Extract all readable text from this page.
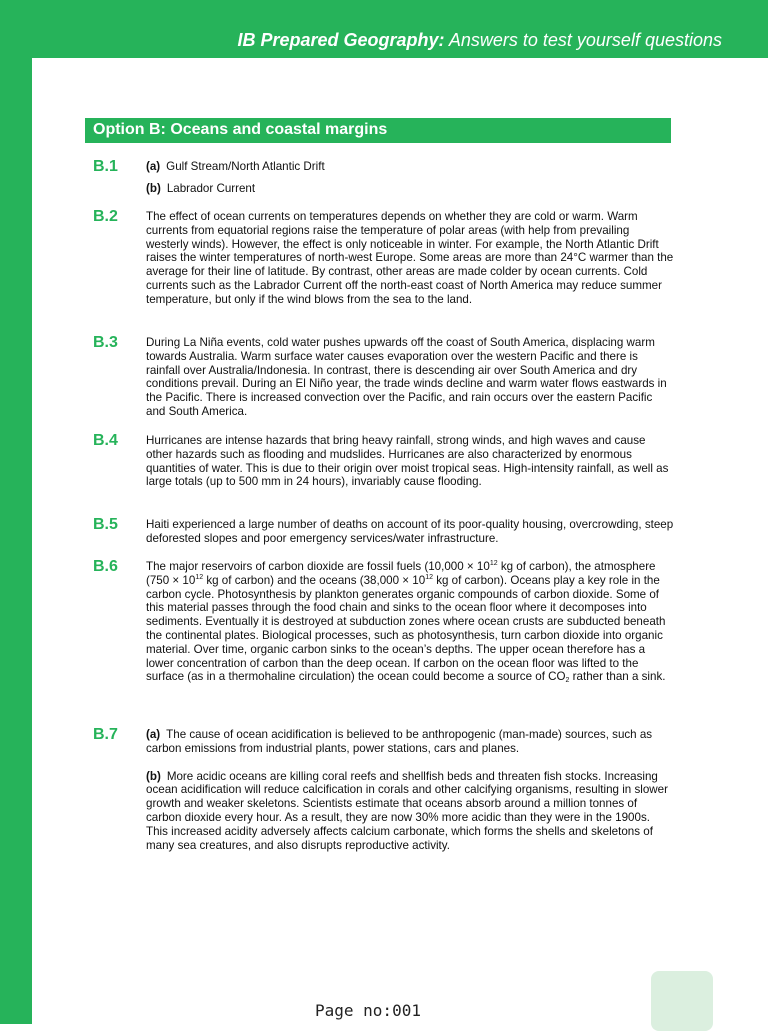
IB Prepared Geography: Answers to test yourself questions
Option B: Oceans and coastal margins
B.1 (a) Gulf Stream/North Atlantic Drift

(b) Labrador Current

B.2 The effect of ocean currents on temperatures depends on whether they are cold or warm. Warm currents from equatorial regions raise the temperature of polar areas (with help from prevailing westerly winds). However, the effect is only noticeable in winter. For example, the North Atlantic Drift raises the winter temperatures of north-west Europe. Some areas are more than 24°C warmer than the average for their line of latitude. By contrast, other areas are made colder by ocean currents. Cold currents such as the Labrador Current off the north-east coast of North America may reduce summer temperature, but only if the wind blows from the sea to the land.

B.3 During La Niña events, cold water pushes upwards off the coast of South America, displacing warm towards Australia. Warm surface water causes evaporation over the western Pacific and there is rainfall over Australia/Indonesia. In contrast, there is descending air over South America and dry conditions prevail. During an El Niño year, the trade winds decline and warm water flows eastwards in the Pacific. There is increased convection over the Pacific, and rain occurs over the eastern Pacific and South America.

B.4 Hurricanes are intense hazards that bring heavy rainfall, strong winds, and high waves and cause other hazards such as flooding and mudslides. Hurricanes are also characterized by enormous quantities of water. This is due to their origin over moist tropical seas. High-intensity rainfall, as well as large totals (up to 500 mm in 24 hours), invariably cause flooding.

B.5 Haiti experienced a large number of deaths on account of its poor-quality housing, overcrowding, steep deforested slopes and poor emergency services/water infrastructure.

B.6 The major reservoirs of carbon dioxide are fossil fuels ($10,000 \times 10^{12}$ kg of carbon), the atmosphere ($750 \times 10^{12}$ kg of carbon) and the oceans ($38,000 \times 10^{12}$ kg of carbon). Oceans play a key role in the carbon cycle. Photosynthesis by plankton generates organic compounds of carbon dioxide. Some of this material passes through the food chain and sinks to the ocean floor where it decomposes into sediments. Eventually it is destroyed at subduction zones where ocean crusts are subducted beneath the continental plates. Biological processes, such as photosynthesis, turn carbon dioxide into organic material. Over time, organic carbon sinks to the ocean’s depths. The upper ocean therefore has a lower concentration of carbon than the deep ocean. If carbon on the ocean floor was lifted to the surface (as in a thermohaline circulation) the ocean could become a source of $CO_2$ rather than a sink.

B.7 (a) The cause of ocean acidification is believed to be anthropogenic (man-made) sources, such as carbon emissions from industrial plants, power stations, cars and planes.

(b) More acidic oceans are killing coral reefs and shellfish beds and threaten fish stocks. Increasing ocean acidification will reduce calcification in corals and other calcifying organisms, resulting in slower growth and weaker skeletons. Scientists estimate that oceans absorb around a million tonnes of carbon dioxide every hour. As a result, they are now 30% more acidic than they were in the 1900s. This increased acidity adversely affects calcium carbonate, which forms the shells and skeletons of many sea creatures, and also disrupts reproductive activity.

Page no:001
